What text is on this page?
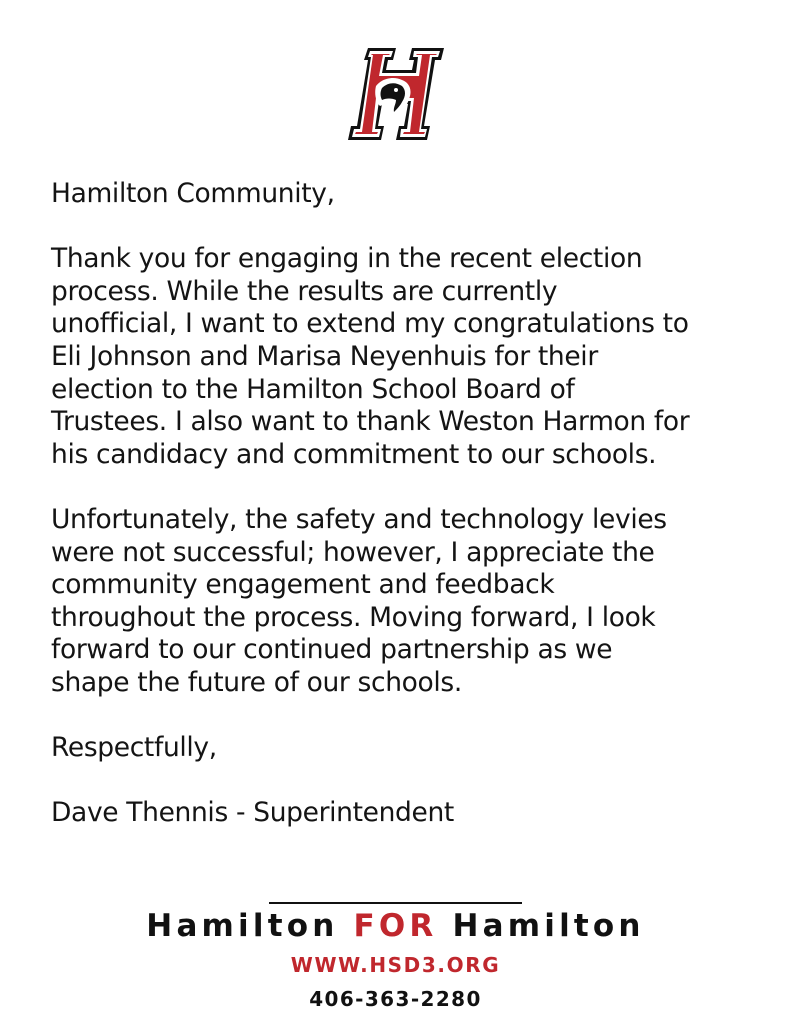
Hamilton Community,

Thank you for engaging in the recent election
process. While the results are currently
unofficial, I want to extend my congratulations to
Eli Johnson and Marisa Neyenhuis for their
election to the Hamilton School Board of
Trustees. I also want to thank Weston Harmon for
his candidacy and commitment to our schools.

Unfortunately, the safety and technology levies
were not successful; however, I appreciate the
community engagement and feedback
throughout the process. Moving forward, I look
forward to our continued partnership as we
shape the future of our schools.

Respectfully,

Dave Thennis - Superintendent

Hamilton FOR Hamilton
WWW.HSD3.ORG
406-363-2280
